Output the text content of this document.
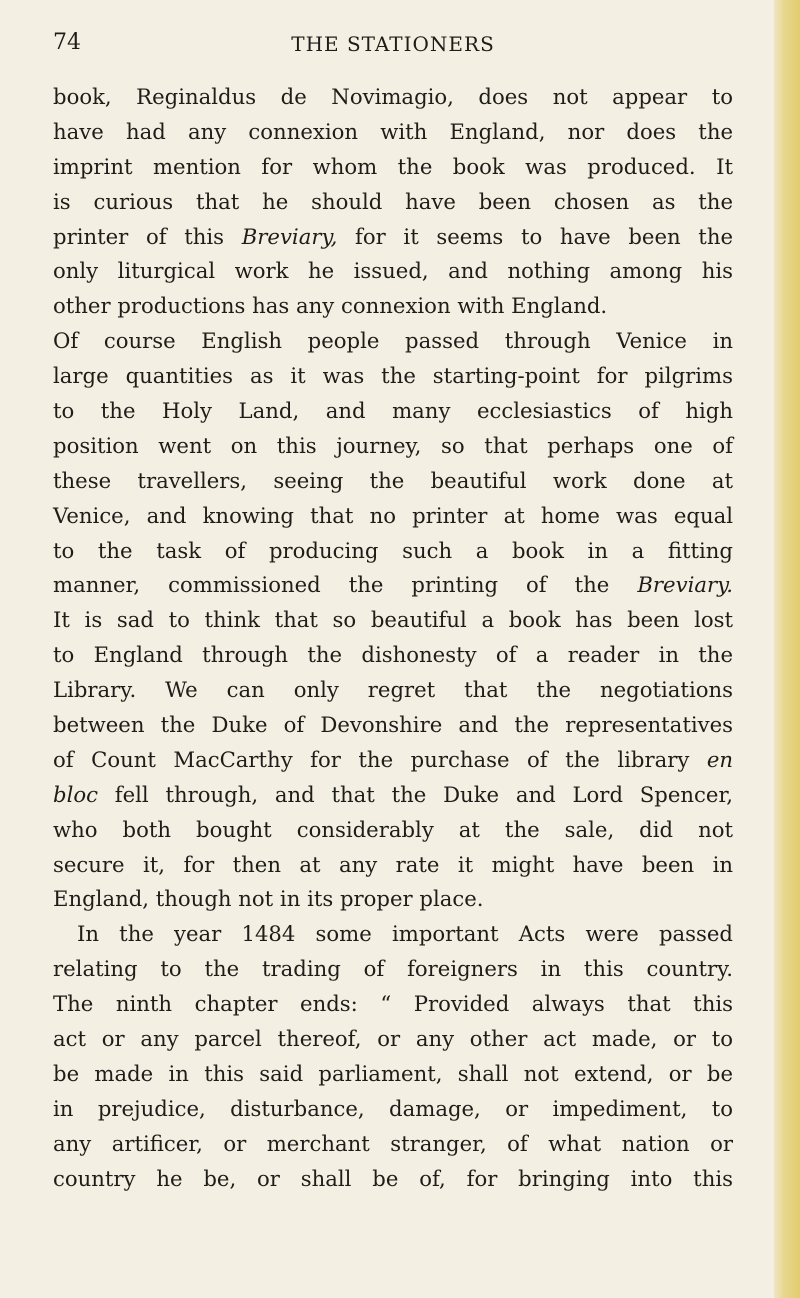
74	THE STATIONERS
book, Reginaldus de Novimagio, does not appear to
have had any connexion with England, nor does the
imprint mention for whom the book was produced. It
is curious that he should have been chosen as the
printer of this Breviary, for it seems to have been the
only liturgical work he issued, and nothing among his
other productions has any connexion with England.
Of course English people passed through Venice in
large quantities as it was the starting-point for pilgrims
to the Holy Land, and many ecclesiastics of high
position went on this journey, so that perhaps one of
these travellers, seeing the beautiful work done at
Venice, and knowing that no printer at home was equal
to the task of producing such a book in a fitting
manner, commissioned the printing of the Breviary.
It is sad to think that so beautiful a book has been lost
to England through the dishonesty of a reader in the
Library. We can only regret that the negotiations
between the Duke of Devonshire and the representatives
of Count MacCarthy for the purchase of the library en
bloc fell through, and that the Duke and Lord Spencer,
who both bought considerably at the sale, did not
secure it, for then at any rate it might have been in
England, though not in its proper place.
In the year 1484 some important Acts were passed
relating to the trading of foreigners in this country.
The ninth chapter ends: “ Provided always that this
act or any parcel thereof, or any other act made, or to
be made in this said parliament, shall not extend, or be
in prejudice, disturbance, damage, or impediment, to
any artificer, or merchant stranger, of what nation or
country he be, or shall be of, for bringing into this
